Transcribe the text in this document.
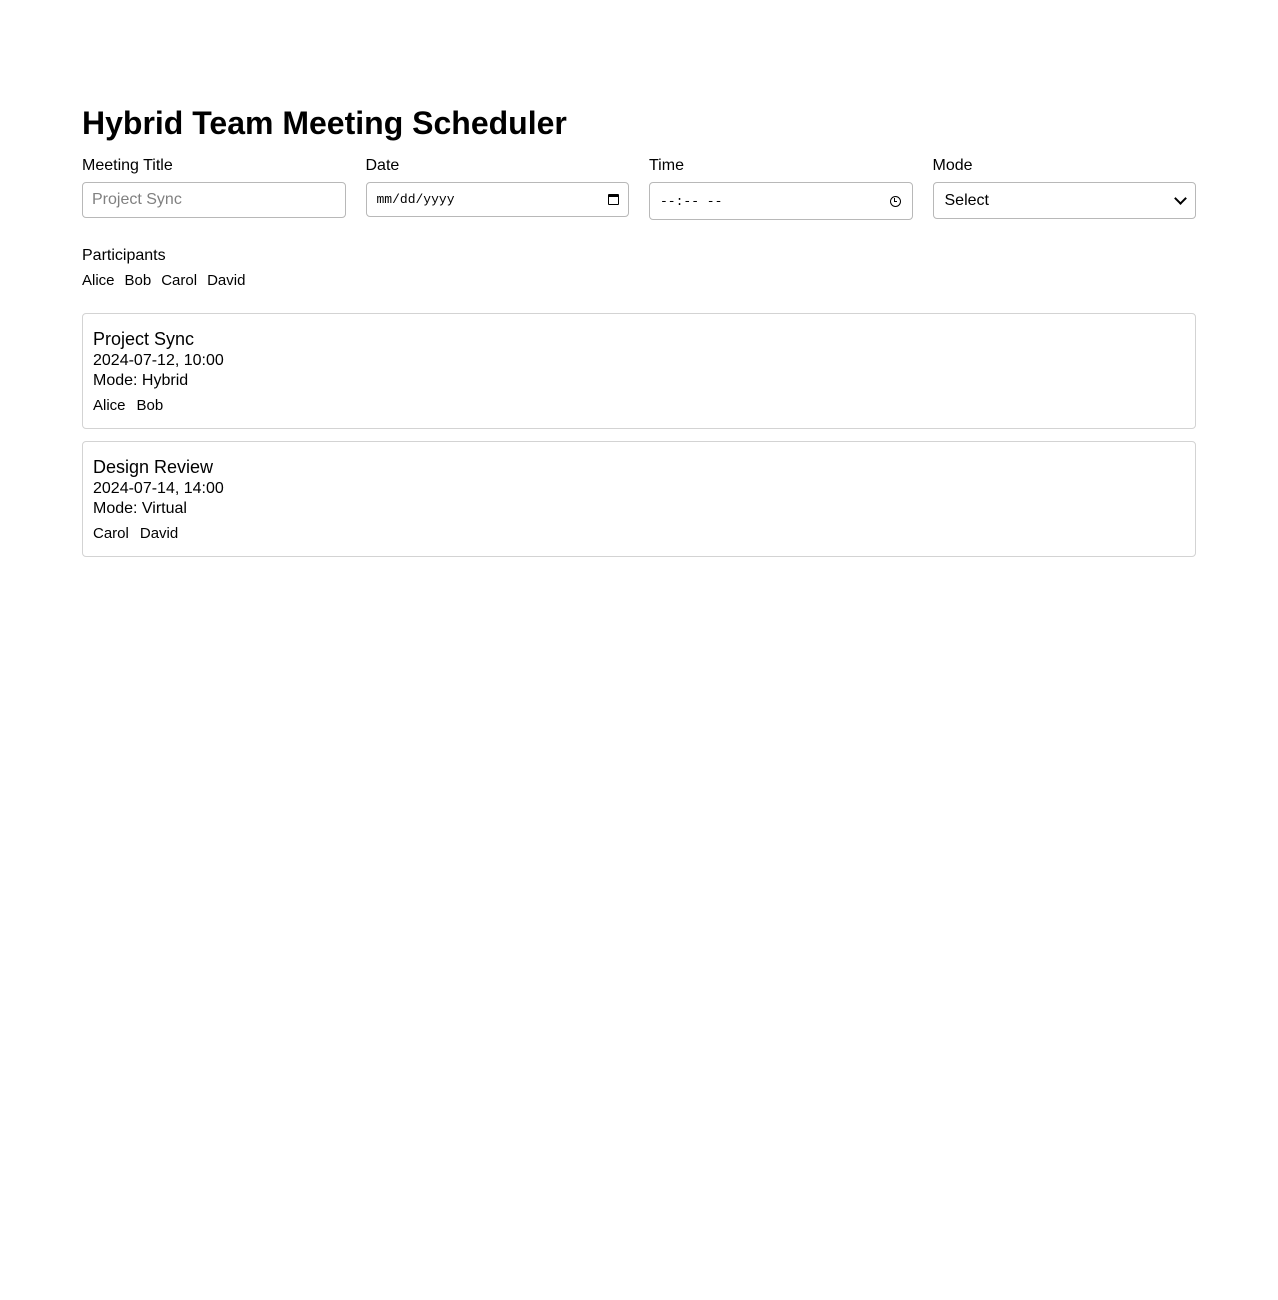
Hybrid Team Meeting Scheduler
Meeting Title
Project Sync	Date
mm/dd/yyyy
Time
--:-- --
Mode
Select
Participants
Alice Bob Carol David
Project Sync
2024-07-12, 10:00
Mode: Hybrid
Alice Bob
Design Review
2024-07-14, 14:00
Mode: Virtual
Carol David
